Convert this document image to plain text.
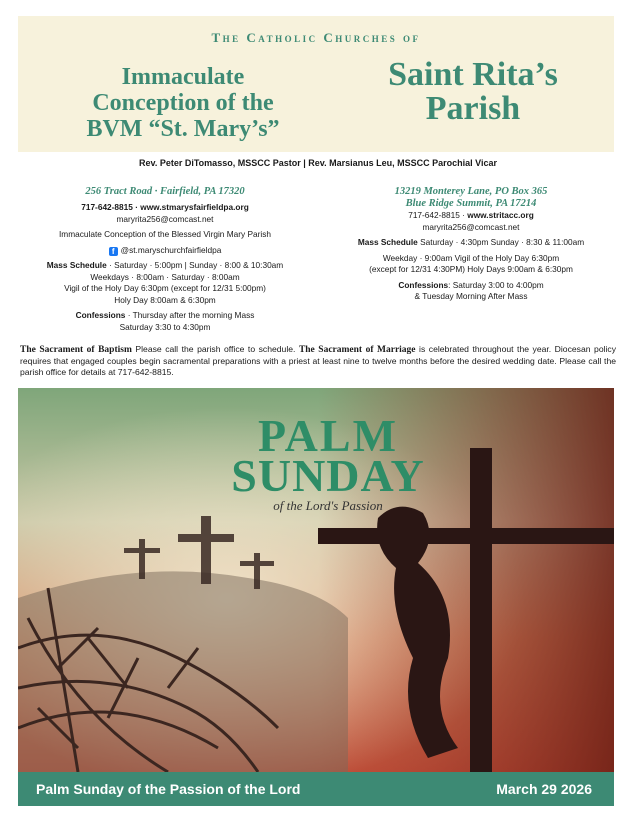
The Catholic Churches of
Immaculate
Conception of the
BVM “St. Mary’s”
Saint Rita’s
Parish
Rev. Peter DiTomasso, MSSCC Pastor | Rev. Marsianus Leu, MSSCC Parochial Vicar
256 Tract Road · Fairfield, PA 17320
717-642-8815 · www.stmarysfairfieldpa.org
maryrita256@comcast.net
Immaculate Conception of the Blessed Virgin Mary Parish
f @st.maryschurchfairfieldpa
Mass Schedule · Saturday · 5:00pm | Sunday · 8:00 & 10:30am
Weekdays · 8:00am · Saturday · 8:00am
Vigil of the Holy Day 6:30pm (except for 12/31 5:00pm)
Holy Day 8:00am & 6:30pm
Confessions · Thursday after the morning Mass
Saturday 3:30 to 4:30pm
13219 Monterey Lane, PO Box 365
Blue Ridge Summit, PA 17214
717-642-8815 · www.stritacc.org
maryrita256@comcast.net
Mass Schedule Saturday · 4:30pm Sunday · 8:30 & 11:00am
Weekday · 9:00am Vigil of the Holy Day 6:30pm
(except for 12/31 4:30PM) Holy Days 9:00am & 6:30pm
Confessions: Saturday 3:00 to 4:00pm
& Tuesday Morning After Mass
The Sacrament of Baptism Please call the parish office to schedule. The Sacrament of Marriage is celebrated throughout the year. Diocesan policy requires that engaged couples begin sacramental preparations with a priest at least nine to twelve months before the desired wedding date. Please call the parish office for details at 717-642-8815.
PALM
SUNDAY
of the Lord's Passion
Palm Sunday of the Passion of the Lord	March 29 2026
